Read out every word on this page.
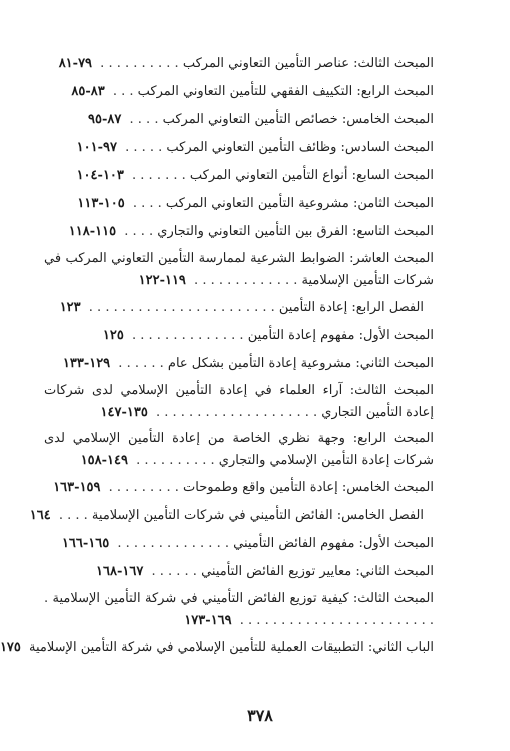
المبحث الثالث: عناصر التأمين التعاوني المركب . . . . . . . . . . ٧٩-٨١
المبحث الرابع: التكييف الفقهي للتأمين التعاوني المركب . . . ٨٣-٨٥
المبحث الخامس: خصائص التأمين التعاوني المركب . . . . ٨٧-٩٥
المبحث السادس: وظائف التأمين التعاوني المركب . . . . . ٩٧-١٠١
المبحث السابع: أنواع التأمين التعاوني المركب . . . . . . . ١٠٣-١٠٤
المبحث الثامن: مشروعية التأمين التعاوني المركب . . . . ١٠٥-١١٣
المبحث التاسع: الفرق بين التأمين التعاوني والتجاري . . . . ١١٥-١١٨
المبحث العاشر: الضوابط الشرعية لممارسة التأمين التعاوني المركب في شركات التأمين الإسلامية . . . . . . . . . . . . . ١١٩-١٢٢
الفصل الرابع: إعادة التأمين . . . . . . . . . . . . . . . . . . . . . . . ١٢٣
المبحث الأول: مفهوم إعادة التأمين . . . . . . . . . . . . . . ١٢٥
المبحث الثاني: مشروعية إعادة التأمين بشكل عام . . . . . . ١٢٩-١٣٣
المبحث الثالث: آراء العلماء في إعادة التأمين الإسلامي لدى شركات إعادة التأمين التجاري . . . . . . . . . . . . . . . . . . . . ١٣٥-١٤٧
المبحث الرابع: وجهة نظري الخاصة من إعادة التأمين الإسلامي لدى شركات إعادة التأمين الإسلامي والتجاري . . . . . . . . . . ١٤٩-١٥٨
المبحث الخامس: إعادة التأمين واقع وطموحات . . . . . . . . . ١٥٩-١٦٣
الفصل الخامس: الفائض التأميني في شركات التأمين الإسلامية . . . . ١٦٤
المبحث الأول: مفهوم الفائض التأميني . . . . . . . . . . . . . . ١٦٥-١٦٦
المبحث الثاني: معايير توزيع الفائض التأميني . . . . . . ١٦٧-١٦٨
المبحث الثالث: كيفية توزيع الفائض التأميني في شركة التأمين الإسلامية . . . . . . . . . . . . . . . . . . . . . . . . . ١٦٩-١٧٣
الباب الثاني: التطبيقات العملية للتأمين الإسلامي في شركة التأمين الإسلامية ١٧٥
٣٧٨
